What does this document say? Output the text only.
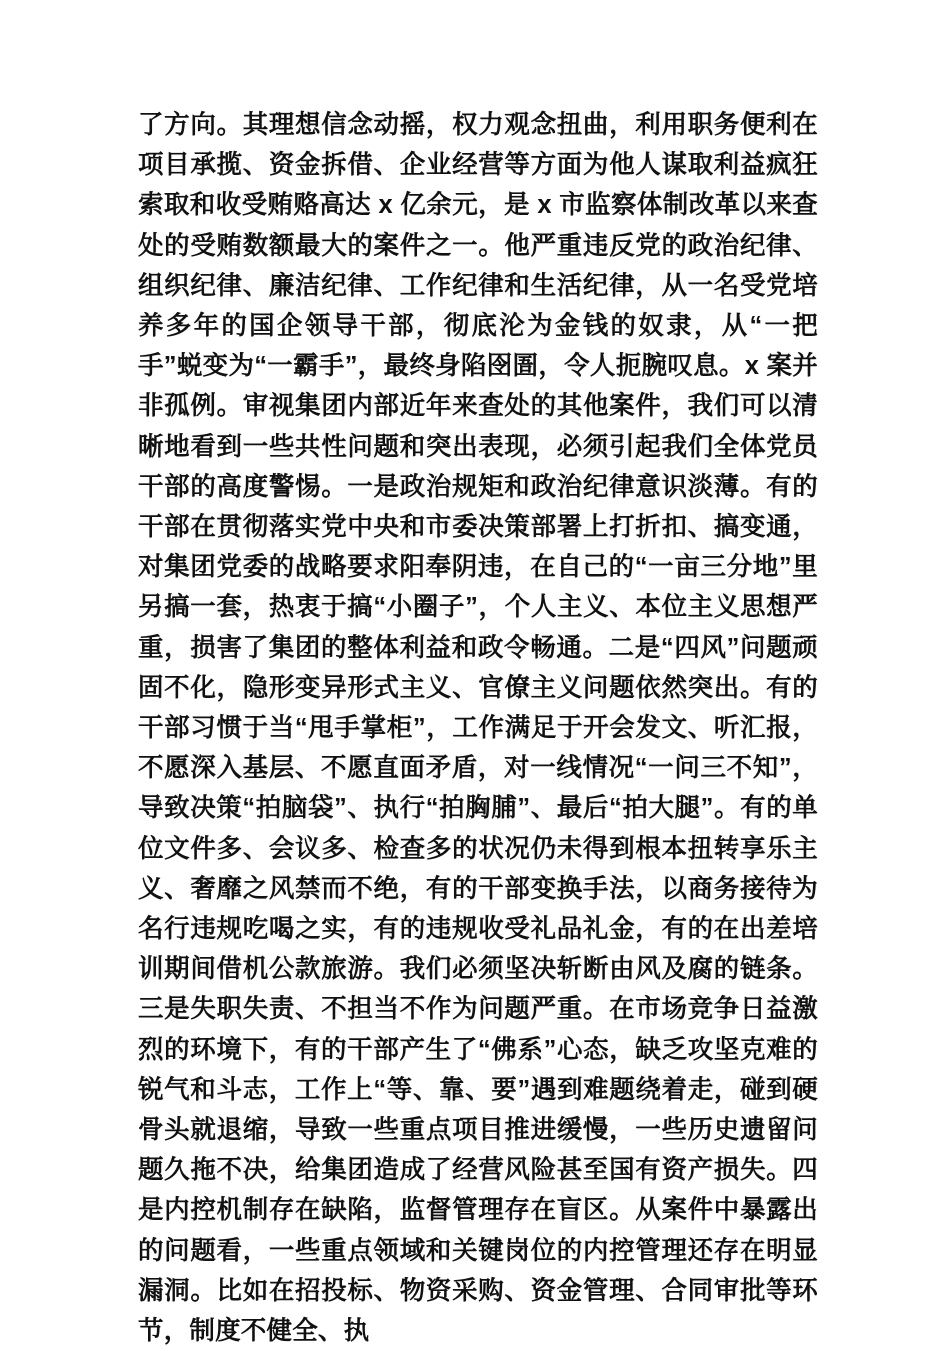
了方向。其理想信念动摇，权力观念扭曲，利用职务便利在项目承揽、资金拆借、企业经营等方面为他人谋取利益疯狂索取和收受贿赂高达 x 亿余元，是 x 市监察体制改革以来查处的受贿数额最大的案件之一。他严重违反党的政治纪律、组织纪律、廉洁纪律、工作纪律和生活纪律，从一名受党培养多年的国企领导干部，彻底沦为金钱的奴隶，从“一把手”蜕变为“一霸手”，最终身陷囹圄，令人扼腕叹息。x 案并非孤例。审视集团内部近年来查处的其他案件，我们可以清晰地看到一些共性问题和突出表现，必须引起我们全体党员干部的高度警惕。一是政治规矩和政治纪律意识淡薄。有的干部在贯彻落实党中央和市委决策部署上打折扣、搞变通，对集团党委的战略要求阳奉阴违，在自己的“一亩三分地”里另搞一套，热衷于搞“小圈子”，个人主义、本位主义思想严重，损害了集团的整体利益和政令畅通。二是“四风”问题顽固不化，隐形变异形式主义、官僚主义问题依然突出。有的干部习惯于当“甩手掌柜”，工作满足于开会发文、听汇报，不愿深入基层、不愿直面矛盾，对一线情况“一问三不知”，导致决策“拍脑袋”、执行“拍胸脯”、最后“拍大腿”。有的单位文件多、会议多、检查多的状况仍未得到根本扭转享乐主义、奢靡之风禁而不绝，有的干部变换手法，以商务接待为名行违规吃喝之实，有的违规收受礼品礼金，有的在出差培训期间借机公款旅游。我们必须坚决斩断由风及腐的链条。三是失职失责、不担当不作为问题严重。在市场竞争日益激烈的环境下，有的干部产生了“佛系”心态，缺乏攻坚克难的锐气和斗志，工作上“等、靠、要”遇到难题绕着走，碰到硬骨头就退缩，导致一些重点项目推进缓慢，一些历史遗留问题久拖不决，给集团造成了经营风险甚至国有资产损失。四是内控机制存在缺陷，监督管理存在盲区。从案件中暴露出的问题看，一些重点领域和关键岗位的内控管理还存在明显漏洞。比如在招投标、物资采购、资金管理、合同审批等环节，制度不健全、执
